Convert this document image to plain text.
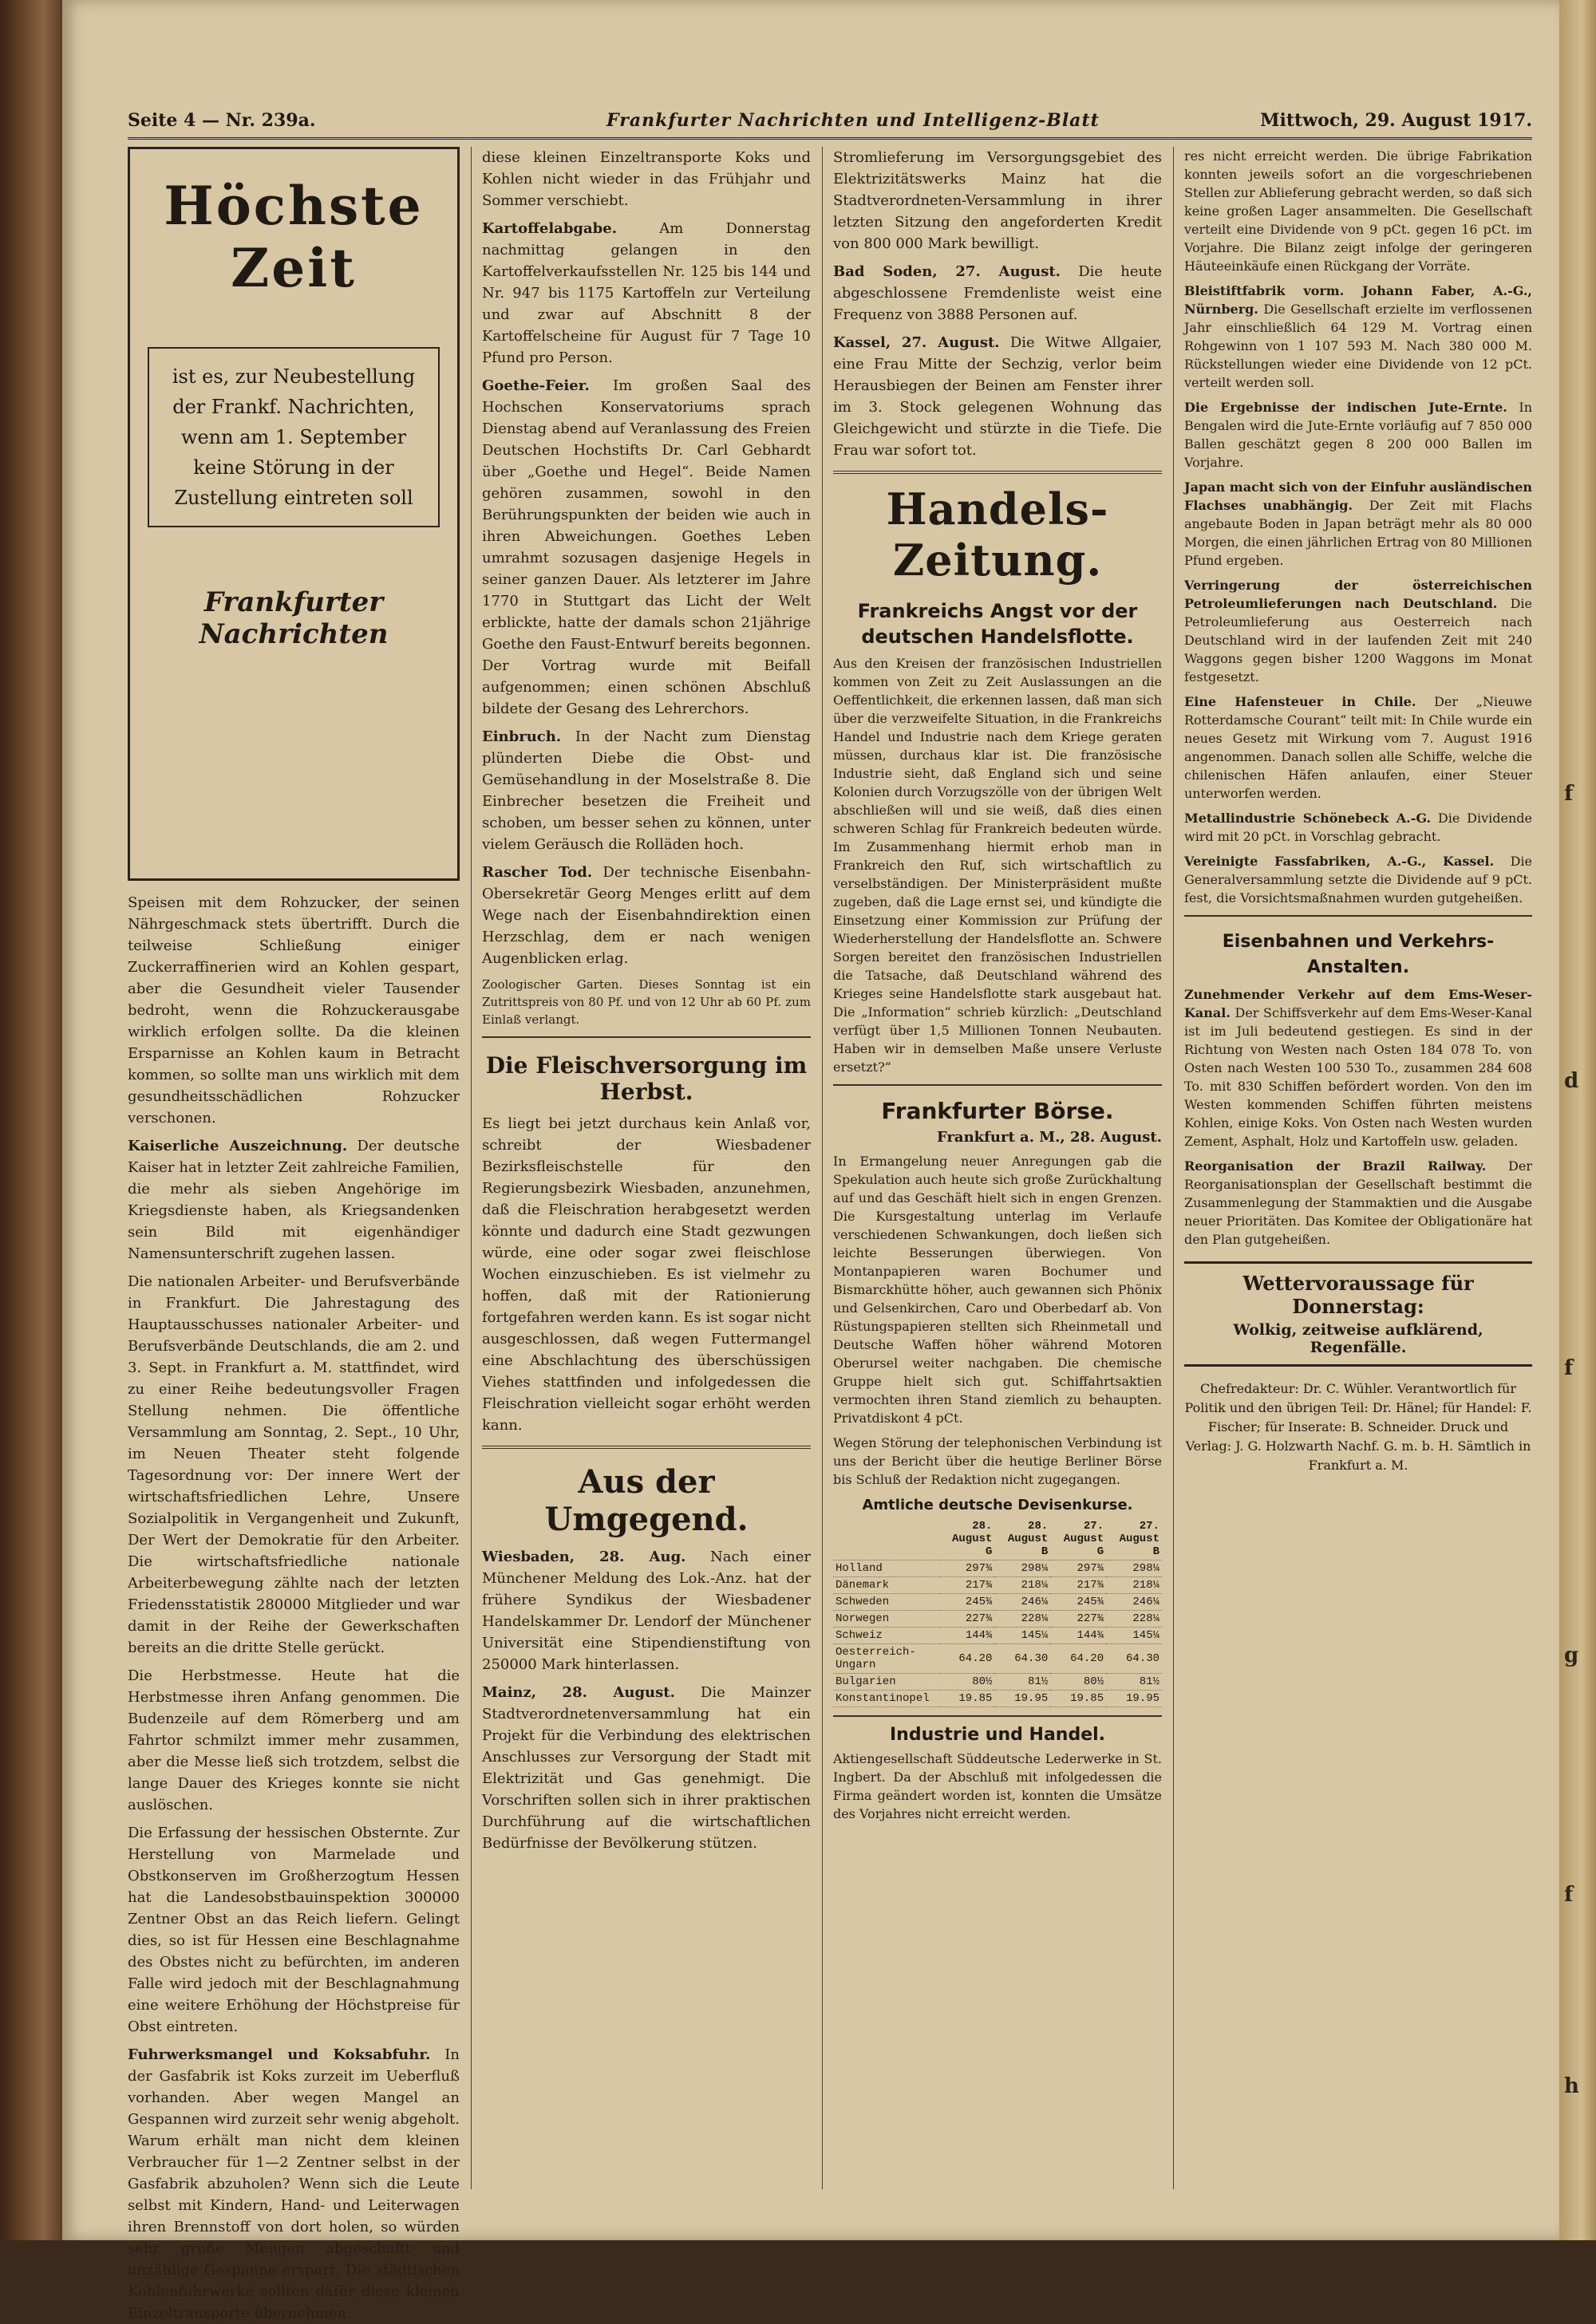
f
d
f
g
f
h
Seite 4 — Nr. 239a.	Frankfurter Nachrichten und Intelligenz-Blatt	Mittwoch, 29. August 1917.
Höchste Zeit
ist es, zur Neubestellung der Frankf. Nachrichten, wenn am 1. September keine Störung in der Zustellung eintreten soll
Frankfurter Nachrichten

Speisen mit dem Rohzucker, der seinen Nährgeschmack stets übertrifft. Durch die teilweise Schließung einiger Zuckerraffinerien wird an Kohlen gespart, aber die Gesundheit vieler Tausender bedroht, wenn die Rohzuckerausgabe wirklich erfolgen sollte. Da die kleinen Ersparnisse an Kohlen kaum in Betracht kommen, so sollte man uns wirklich mit dem gesundheitsschädlichen Rohzucker verschonen.

Kaiserliche Auszeichnung. Der deutsche Kaiser hat in letzter Zeit zahlreiche Familien, die mehr als sieben Angehörige im Kriegsdienste haben, als Kriegsandenken sein Bild mit eigenhändiger Namensunterschrift zugehen lassen.

Die nationalen Arbeiter- und Berufsverbände in Frankfurt. Die Jahrestagung des Hauptausschusses nationaler Arbeiter- und Berufsverbände Deutschlands, die am 2. und 3. Sept. in Frankfurt a. M. stattfindet, wird zu einer Reihe bedeutungsvoller Fragen Stellung nehmen. Die öffentliche Versammlung am Sonntag, 2. Sept., 10 Uhr, im Neuen Theater steht folgende Tagesordnung vor: Der innere Wert der wirtschaftsfriedlichen Lehre, Unsere Sozialpolitik in Vergangenheit und Zukunft, Der Wert der Demokratie für den Arbeiter. Die wirtschaftsfriedliche nationale Arbeiterbewegung zählte nach der letzten Friedensstatistik 280000 Mitglieder und war damit in der Reihe der Gewerkschaften bereits an die dritte Stelle gerückt.

Die Herbstmesse. Heute hat die Herbstmesse ihren Anfang genommen. Die Budenzeile auf dem Römerberg und am Fahrtor schmilzt immer mehr zusammen, aber die Messe ließ sich trotzdem, selbst die lange Dauer des Krieges konnte sie nicht auslöschen.

Die Erfassung der hessischen Obsternte. Zur Herstellung von Marmelade und Obstkonserven im Großherzogtum Hessen hat die Landesobstbauinspektion 300000 Zentner Obst an das Reich liefern. Gelingt dies, so ist für Hessen eine Beschlagnahme des Obstes nicht zu befürchten, im anderen Falle wird jedoch mit der Beschlagnahmung eine weitere Erhöhung der Höchstpreise für Obst eintreten.

Fuhrwerksmangel und Koksabfuhr. In der Gasfabrik ist Koks zurzeit im Ueberfluß vorhanden. Aber wegen Mangel an Gespannen wird zurzeit sehr wenig abgeholt. Warum erhält man nicht dem kleinen Verbraucher für 1—2 Zentner selbst in der Gasfabrik abzuholen? Wenn sich die Leute selbst mit Kindern, Hand- und Leiterwagen ihren Brennstoff von dort holen, so würden sehr große Mengen abgeschafft und unzählige Gespanne erspart. Die städtischen Kohlenfuhrwerke sollten dafür diese kleinen Einzeltransporte übernehmen.

diese kleinen Einzeltransporte Koks und Kohlen nicht wieder in das Frühjahr und Sommer verschiebt.

Kartoffelabgabe.	Am Donnerstag nachmittag gelangen in den Kartoffelverkaufsstellen Nr. 125 bis 144 und Nr. 947 bis 1175 Kartoffeln zur Verteilung und zwar auf Abschnitt 8 der Kartoffelscheine für August für 7 Tage 10 Pfund pro Person.

Goethe-Feier. Im großen Saal des Hochschen Konservatoriums sprach Dienstag abend auf Veranlassung des Freien Deutschen Hochstifts Dr. Carl Gebhardt über „Goethe und Hegel“. Beide Namen gehören zusammen, sowohl in den Berührungspunkten der beiden wie auch in ihren Abweichungen. Goethes Leben umrahmt sozusagen dasjenige Hegels in seiner ganzen Dauer. Als letzterer im Jahre 1770 in Stuttgart das Licht der Welt erblickte, hatte der damals schon 21jährige Goethe den Faust-Entwurf bereits begonnen. Der Vortrag wurde mit Beifall aufgenommen; einen schönen Abschluß bildete der Gesang des Lehrerchors.

Einbruch. In der Nacht zum Dienstag plünderten Diebe die Obst- und Gemüsehandlung in der Moselstraße 8. Die Einbrecher besetzen die Freiheit und schoben, um besser sehen zu können, unter vielem Geräusch die Rolläden hoch.

Rascher Tod. Der technische Eisenbahn-Obersekretär Georg Menges erlitt auf dem Wege nach der Eisenbahndirektion einen Herzschlag, dem er nach wenigen Augenblicken erlag.

Zoologischer Garten. Dieses Sonntag ist ein Zutrittspreis von 80 Pf. und von 12 Uhr ab 60 Pf. zum Einlaß verlangt.

Die Fleischversorgung im Herbst.

Es liegt bei jetzt durchaus kein Anlaß vor, schreibt der Wiesbadener Bezirksfleischstelle für den Regierungsbezirk Wiesbaden, anzunehmen, daß die Fleischration herabgesetzt werden könnte und dadurch eine Stadt gezwungen würde, eine oder sogar zwei fleischlose Wochen einzuschieben. Es ist vielmehr zu hoffen, daß mit der Rationierung fortgefahren werden kann. Es ist sogar nicht ausgeschlossen, daß wegen Futtermangel eine Abschlachtung des überschüssigen Viehes stattfinden und infolgedessen die Fleischration vielleicht sogar erhöht werden kann.

Aus der Umgegend.

Wiesbaden, 28. Aug. Nach einer Münchener Meldung des Lok.-Anz. hat der frühere Syndikus der Wiesbadener Handelskammer Dr. Lendorf der Münchener Universität eine Stipendienstiftung von 250000 Mark hinterlassen.

Mainz, 28. August. Die Mainzer Stadtverordnetenversammlung hat ein Projekt für die Verbindung des elektrischen Anschlusses zur Versorgung der Stadt mit Elektrizität und Gas genehmigt. Die Vorschriften sollen sich in ihrer praktischen Durchführung auf die wirtschaftlichen Bedürfnisse der Bevölkerung stützen.

Stromlieferung im Versorgungsgebiet des Elektrizitätswerks Mainz hat die Stadtverordneten-Versammlung in ihrer letzten Sitzung den angeforderten Kredit von 800 000 Mark bewilligt.

Bad Soden, 27. August. Die heute abgeschlossene Fremdenliste weist eine Frequenz von 3888 Personen auf.

Kassel, 27. August. Die Witwe Allgaier, eine Frau Mitte der Sechzig, verlor beim Herausbiegen der Beinen am Fenster ihrer im 3. Stock gelegenen Wohnung das Gleichgewicht und stürzte in die Tiefe. Die Frau war sofort tot.

Handels-Zeitung.
Frankreichs Angst vor der deutschen Handelsflotte.

Aus den Kreisen der französischen Industriellen kommen von Zeit zu Zeit Auslassungen an die Oeffentlichkeit, die erkennen lassen, daß man sich über die verzweifelte Situation, in die Frankreichs Handel und Industrie nach dem Kriege geraten müssen, durchaus klar ist. Die französische Industrie sieht, daß England sich und seine Kolonien durch Vorzugszölle von der übrigen Welt abschließen will und sie weiß, daß dies einen schweren Schlag für Frankreich bedeuten würde. Im Zusammenhang hiermit erhob man in Frankreich den Ruf, sich wirtschaftlich zu verselbständigen. Der Ministerpräsident mußte zugeben, daß die Lage ernst sei, und kündigte die Einsetzung einer Kommission zur Prüfung der Wiederherstellung der Handelsflotte an. Schwere Sorgen bereitet den französischen Industriellen die Tatsache, daß Deutschland während des Krieges seine Handelsflotte stark ausgebaut hat. Die „Information“ schrieb kürzlich: „Deutschland verfügt über 1,5 Millionen Tonnen Neubauten. Haben wir in demselben Maße unsere Verluste ersetzt?“

Frankfurter Börse.
Frankfurt a. M., 28. August.

In Ermangelung neuer Anregungen gab die Spekulation auch heute sich große Zurückhaltung auf und das Geschäft hielt sich in engen Grenzen. Die Kursgestaltung unterlag im Verlaufe verschiedenen Schwankungen, doch ließen sich leichte Besserungen überwiegen. Von Montanpapieren waren Bochumer und Bismarckhütte höher, auch gewannen sich Phönix und Gelsenkirchen, Caro und Oberbedarf ab. Von Rüstungspapieren stellten sich Rheinmetall und Deutsche Waffen höher während Motoren Oberursel weiter nachgaben. Die chemische Gruppe hielt sich gut. Schiffahrtsaktien vermochten ihren Stand ziemlich zu behaupten. Privatdiskont 4 pCt.

Wegen Störung der telephonischen Verbindung ist uns der Bericht über die heutige Berliner Börse bis Schluß der Redaktion nicht zugegangen.

Amtliche deutsche Devisenkurse.
	28. August G	28. August B	27. August G	27. August B
Holland	297¾	298¼	297¾	298¼
Dänemark	217¾	218¼	217¾	218¼
Schweden	245¾	246¼	245¾	246¼
Norwegen	227¾	228¼	227¾	228¼
Schweiz	144¾	145¼	144¾	145¼
Oesterreich-Ungarn	64.20	64.30	64.20	64.30
Bulgarien	80½	81½	80½	81½
Konstantinopel	19.85	19.95	19.85	19.95
Industrie und Handel.

Aktiengesellschaft Süddeutsche Lederwerke in St. Ingbert. Da der Abschluß mit infolgedessen die Firma geändert worden ist, konnten die Umsätze des Vorjahres nicht erreicht werden.

res nicht erreicht werden. Die übrige Fabrikation konnten jeweils sofort an die vorgeschriebenen Stellen zur Ablieferung gebracht werden, so daß sich keine großen Lager ansammelten. Die Gesellschaft verteilt eine Dividende von 9 pCt. gegen 16 pCt. im Vorjahre. Die Bilanz zeigt infolge der geringeren Häuteeinkäufe einen Rückgang der Vorräte.

Bleistiftfabrik vorm. Johann Faber, A.-G., Nürnberg. Die Gesellschaft erzielte im verflossenen Jahr einschließlich 64 129 M. Vortrag einen Rohgewinn von 1 107 593 M. Nach 380 000 M. Rückstellungen wieder eine Dividende von 12 pCt. verteilt werden soll.

Die Ergebnisse der indischen Jute-Ernte. In Bengalen wird die Jute-Ernte vorläufig auf 7 850 000 Ballen geschätzt gegen 8 200 000 Ballen im Vorjahre.

Japan macht sich von der Einfuhr ausländischen Flachses unabhängig. Der Zeit mit Flachs angebaute Boden in Japan beträgt mehr als 80 000 Morgen, die einen jährlichen Ertrag von 80 Millionen Pfund ergeben.

Verringerung der österreichischen Petroleumlieferungen nach Deutschland. Die Petroleumlieferung aus Oesterreich nach Deutschland wird in der laufenden Zeit mit 240 Waggons gegen bisher 1200 Waggons im Monat festgesetzt.

Eine Hafensteuer in Chile. Der „Nieuwe Rotterdamsche Courant“ teilt mit: In Chile wurde ein neues Gesetz mit Wirkung vom 7. August 1916 angenommen. Danach sollen alle Schiffe, welche die chilenischen Häfen anlaufen, einer Steuer unterworfen werden.

Metallindustrie Schönebeck A.-G. Die Dividende wird mit 20 pCt. in Vorschlag gebracht.

Vereinigte Fassfabriken, A.-G., Kassel. Die Generalversammlung setzte die Dividende auf 9 pCt. fest, die Vorsichtsmaßnahmen wurden gutgeheißen.

Eisenbahnen und Verkehrs-Anstalten.

Zunehmender Verkehr auf dem Ems-Weser-Kanal. Der Schiffsverkehr auf dem Ems-Weser-Kanal ist im Juli bedeutend gestiegen. Es sind in der Richtung von Westen nach Osten 184 078 To. von Osten nach Westen 100 530 To., zusammen 284 608 To. mit 830 Schiffen befördert worden. Von den im Westen kommenden Schiffen führten meistens Kohlen, einige Koks. Von Osten nach Westen wurden Zement, Asphalt, Holz und Kartoffeln usw. geladen.

Reorganisation der Brazil Railway. Der Reorganisationsplan der Gesellschaft bestimmt die Zusammenlegung der Stammaktien und die Ausgabe neuer Prioritäten. Das Komitee der Obligationäre hat den Plan gutgeheißen.

Wettervoraussage für Donnerstag:
Wolkig, zeitweise aufklärend, Regenfälle.

Chefredakteur: Dr. C. Wühler. Verantwortlich für Politik und den übrigen Teil: Dr. Hänel; für Handel: F. Fischer; für Inserate: B. Schneider. Druck und Verlag: J. G. Holzwarth Nachf. G. m. b. H. Sämtlich in Frankfurt a. M.
